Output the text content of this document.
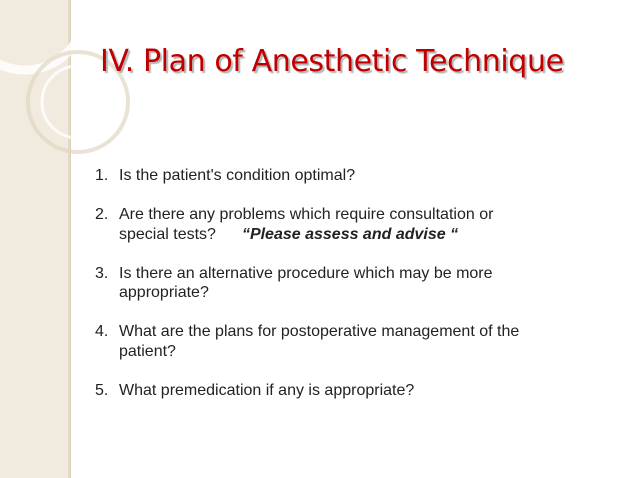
IV. Plan of Anesthetic Technique
1. Is the patient's condition optimal?
2. Are there any problems which require consultation or
special tests? “Please assess and advise “
3. Is there an alternative procedure which may be more
appropriate?
4. What are the plans for postoperative management of the
patient?
5. What premedication if any is appropriate?
